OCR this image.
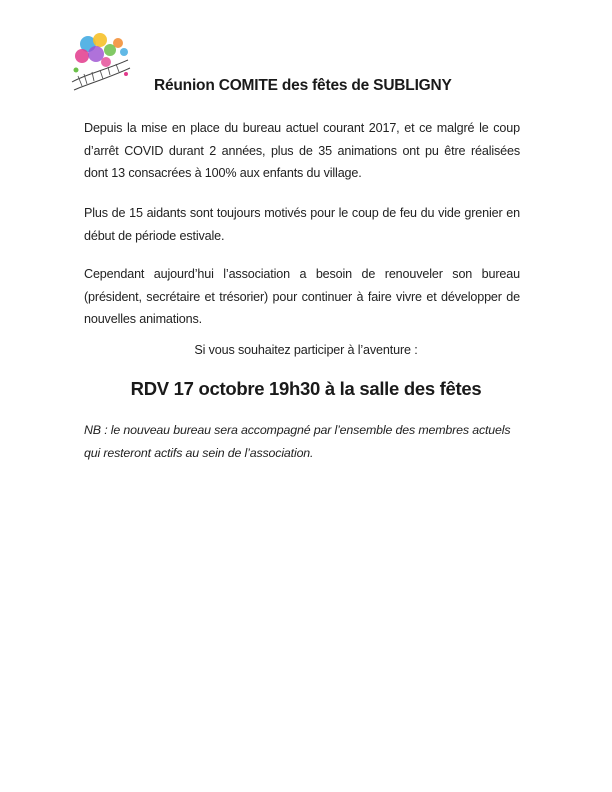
Réunion COMITE des fêtes de SUBLIGNY
Depuis la mise en place du bureau actuel courant 2017, et ce malgré le coup d’arrêt COVID durant 2 années, plus de 35 animations ont pu être réalisées dont 13 consacrées à 100% aux enfants du village.
Plus de 15 aidants sont toujours motivés pour le coup de feu du vide grenier en début de période estivale.
Cependant aujourd’hui l’association a besoin de renouveler son bureau (président, secrétaire et trésorier) pour continuer à faire vivre et développer de nouvelles animations.
Si vous souhaitez participer à l’aventure :
RDV 17 octobre 19h30 à la salle des fêtes
NB : le nouveau bureau sera accompagné par l’ensemble des membres actuels qui resteront actifs au sein de l’association.
